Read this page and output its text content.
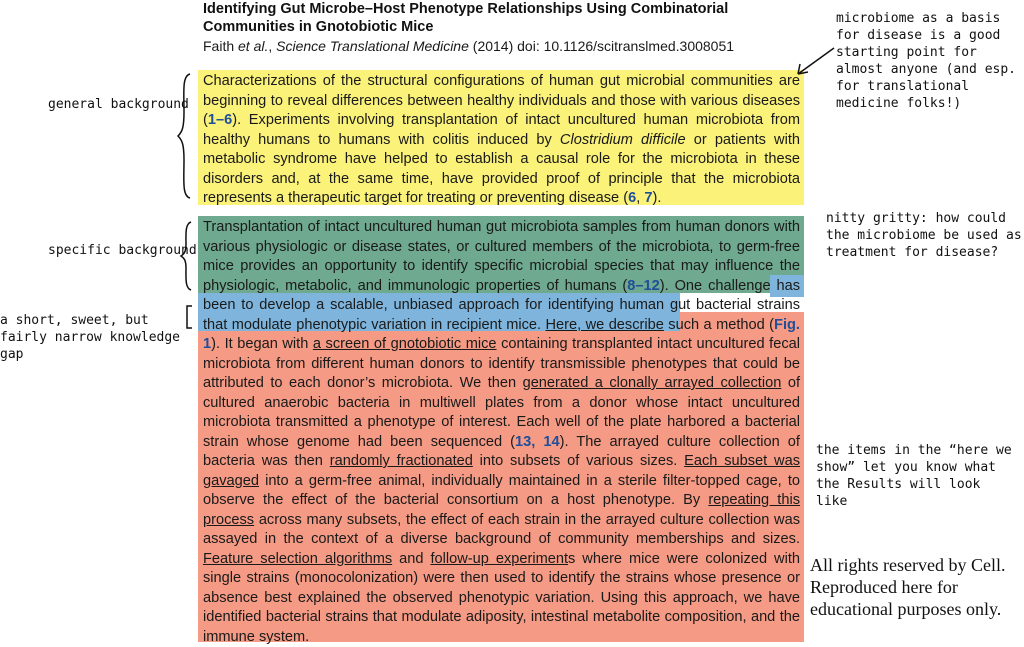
Identifying Gut Microbe–Host Phenotype Relationships Using Combinatorial Communities in Gnotobiotic Mice
Faith et al., Science Translational Medicine (2014) doi: 10.1126/scitranslmed.3008051
Characterizations of the structural configurations of human gut microbial communities are beginning to reveal differences between healthy individuals and those with various diseases (1–6). Experiments involving transplantation of intact uncultured human microbiota from healthy humans to humans with colitis induced by Clostridium difficile or patients with metabolic syndrome have helped to establish a causal role for the microbiota in these disorders and, at the same time, have provided proof of principle that the microbiota represents a therapeutic target for treating or preventing disease (6, 7).
Transplantation of intact uncultured human gut microbiota samples from human donors with various physiologic or disease states, or cultured members of the microbiota, to germ-free mice provides an opportunity to identify specific microbial species that may influence the physiologic, metabolic, and immunologic properties of humans (8–12). One challenge has been to develop a scalable, unbiased approach for identifying human gut bacterial strains that modulate phenotypic variation in recipient mice. Here, we describe such a method (Fig. 1). It began with a screen of gnotobiotic mice containing transplanted intact uncultured fecal microbiota from different human donors to identify transmissible phenotypes that could be attributed to each donor’s microbiota. We then generated a clonally arrayed collection of cultured anaerobic bacteria in multiwell plates from a donor whose intact uncultured microbiota transmitted a phenotype of interest. Each well of the plate harbored a bacterial strain whose genome had been sequenced (13, 14). The arrayed culture collection of bacteria was then randomly fractionated into subsets of various sizes. Each subset was gavaged into a germ-free animal, individually maintained in a sterile filter-topped cage, to observe the effect of the bacterial consortium on a host phenotype. By repeating this process across many subsets, the effect of each strain in the arrayed culture collection was assayed in the context of a diverse background of community memberships and sizes. Feature selection algorithms and follow-up experiments where mice were colonized with single strains (monocolonization) were then used to identify the strains whose presence or absence best explained the observed phenotypic variation. Using this approach, we have identified bacterial strains that modulate adiposity, intestinal metabolite composition, and the immune system.
general background
specific background
a short, sweet, but fairly narrow knowledge gap
microbiome as a basis for disease is a good starting point for almost anyone (and esp. for translational medicine folks!)
nitty gritty: how could the microbiome be used as treatment for disease?
the items in the “here we show” let you know what the Results will look like
All rights reserved by Cell. Reproduced here for educational purposes only.
